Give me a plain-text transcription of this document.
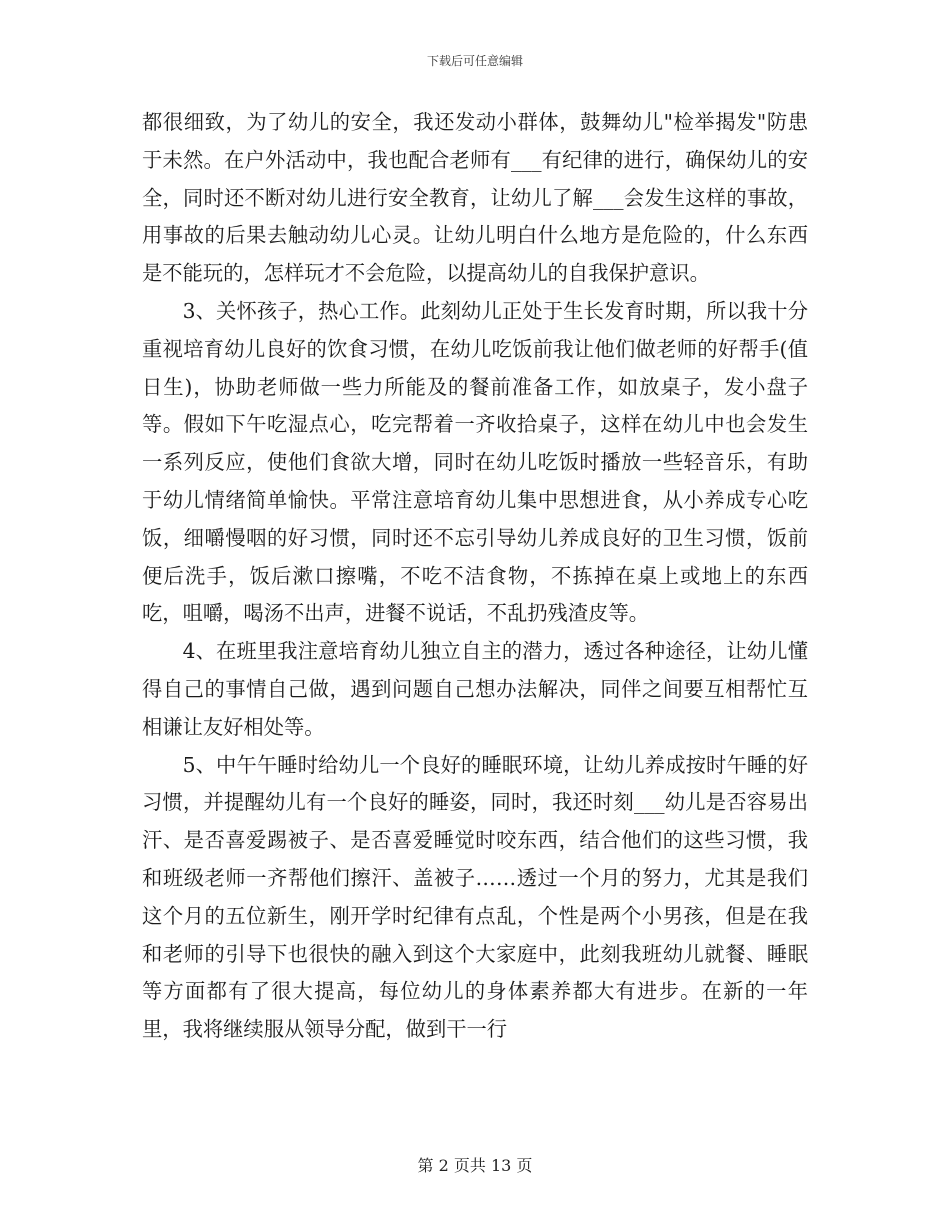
下载后可任意编辑

都很细致，为了幼儿的安全，我还发动小群体，鼓舞幼儿"检举揭发"防患于未然。在户外活动中，我也配合老师有___有纪律的进行，确保幼儿的安全，同时还不断对幼儿进行安全教育，让幼儿了解___会发生这样的事故，用事故的后果去触动幼儿心灵。让幼儿明白什么地方是危险的，什么东西是不能玩的，怎样玩才不会危险，以提高幼儿的自我保护意识。

3、关怀孩子，热心工作。此刻幼儿正处于生长发育时期，所以我十分重视培育幼儿良好的饮食习惯，在幼儿吃饭前我让他们做老师的好帮手(值日生)，协助老师做一些力所能及的餐前准备工作，如放桌子，发小盘子等。假如下午吃湿点心，吃完帮着一齐收拾桌子，这样在幼儿中也会发生一系列反应，使他们食欲大增，同时在幼儿吃饭时播放一些轻音乐，有助于幼儿情绪简单愉快。平常注意培育幼儿集中思想进食，从小养成专心吃饭，细嚼慢咽的好习惯，同时还不忘引导幼儿养成良好的卫生习惯，饭前便后洗手，饭后漱口擦嘴，不吃不洁食物，不拣掉在桌上或地上的东西吃，咀嚼，喝汤不出声，进餐不说话，不乱扔残渣皮等。

4、在班里我注意培育幼儿独立自主的潜力，透过各种途径，让幼儿懂得自己的事情自己做，遇到问题自己想办法解决，同伴之间要互相帮忙互相谦让友好相处等。

5、中午午睡时给幼儿一个良好的睡眠环境，让幼儿养成按时午睡的好习惯，并提醒幼儿有一个良好的睡姿，同时，我还时刻___幼儿是否容易出汗、是否喜爱踢被子、是否喜爱睡觉时咬东西，结合他们的这些习惯，我和班级老师一齐帮他们擦汗、盖被子……透过一个月的努力，尤其是我们这个月的五位新生，刚开学时纪律有点乱，个性是两个小男孩，但是在我和老师的引导下也很快的融入到这个大家庭中，此刻我班幼儿就餐、睡眠等方面都有了很大提高，每位幼儿的身体素养都大有进步。在新的一年里，我将继续服从领导分配，做到干一行

第 2 页共 13 页
